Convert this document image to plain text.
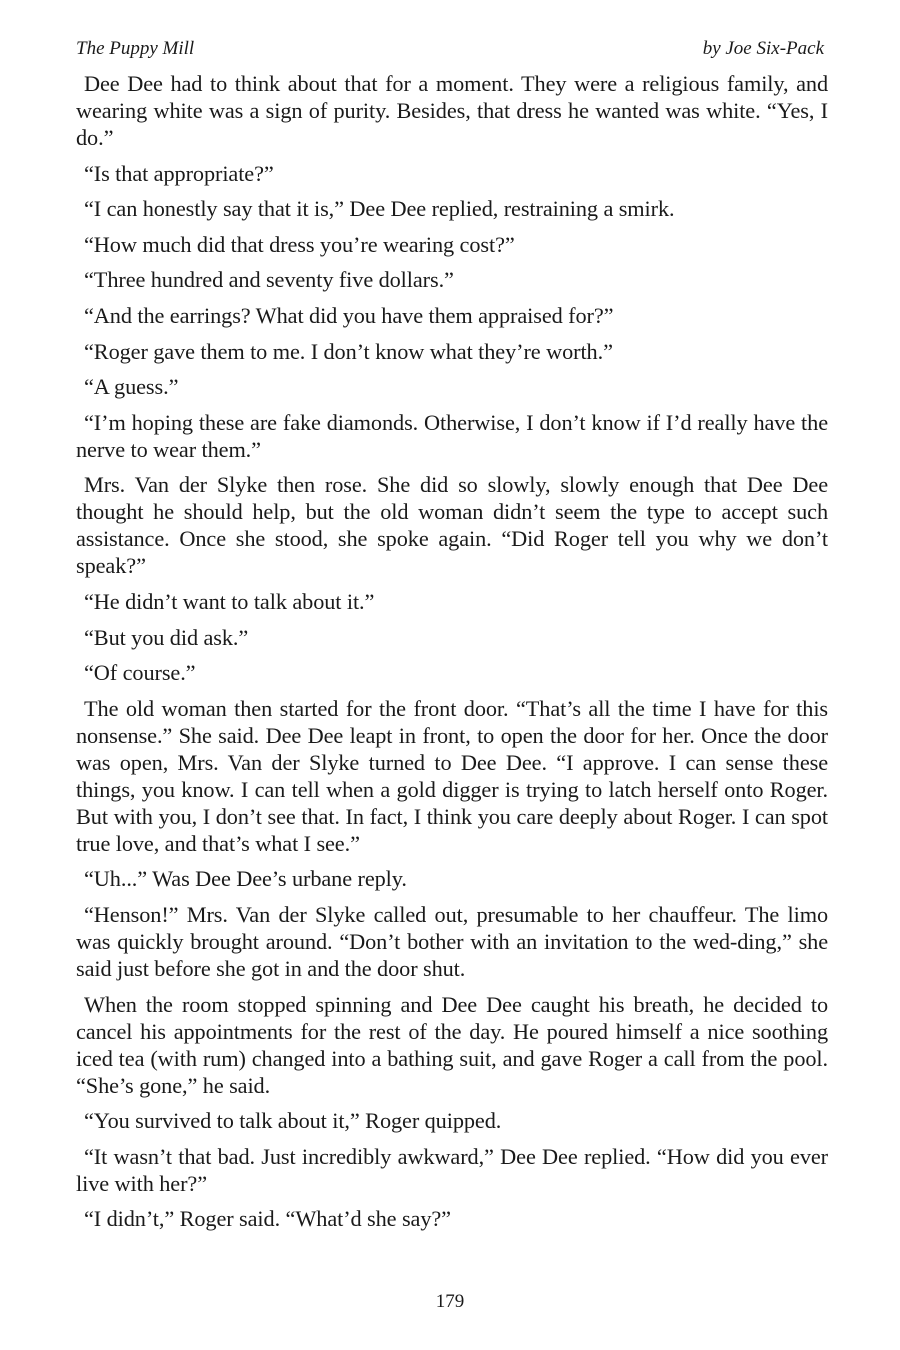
The Puppy Mill	by Joe Six-Pack

Dee Dee had to think about that for a moment. They were a religious family, and wearing white was a sign of purity. Besides, that dress he wanted was white. “Yes, I do.”

“Is that appropriate?”

“I can honestly say that it is,” Dee Dee replied, restraining a smirk.

“How much did that dress you’re wearing cost?”

“Three hundred and seventy five dollars.”

“And the earrings? What did you have them appraised for?”

“Roger gave them to me. I don’t know what they’re worth.”

“A guess.”

“I’m hoping these are fake diamonds. Otherwise, I don’t know if I’d really have the nerve to wear them.”

Mrs. Van der Slyke then rose. She did so slowly, slowly enough that Dee Dee thought he should help, but the old woman didn’t seem the type to accept such assistance. Once she stood, she spoke again. “Did Roger tell you why we don’t speak?”

“He didn’t want to talk about it.”

“But you did ask.”

“Of course.”

The old woman then started for the front door. “That’s all the time I have for this nonsense.” She said. Dee Dee leapt in front, to open the door for her. Once the door was open, Mrs. Van der Slyke turned to Dee Dee. “I approve. I can sense these things, you know. I can tell when a gold digger is trying to latch herself onto Roger. But with you, I don’t see that. In fact, I think you care deeply about Roger. I can spot true love, and that’s what I see.”

“Uh...” Was Dee Dee’s urbane reply.

“Henson!” Mrs. Van der Slyke called out, presumable to her chauffeur. The limo was quickly brought around. “Don’t bother with an invitation to the wed-ding,” she said just before she got in and the door shut.

When the room stopped spinning and Dee Dee caught his breath, he decided to cancel his appointments for the rest of the day. He poured himself a nice soothing iced tea (with rum) changed into a bathing suit, and gave Roger a call from the pool. “She’s gone,” he said.

“You survived to talk about it,” Roger quipped.

“It wasn’t that bad. Just incredibly awkward,” Dee Dee replied. “How did you ever live with her?”

“I didn’t,” Roger said. “What’d she say?”

179
